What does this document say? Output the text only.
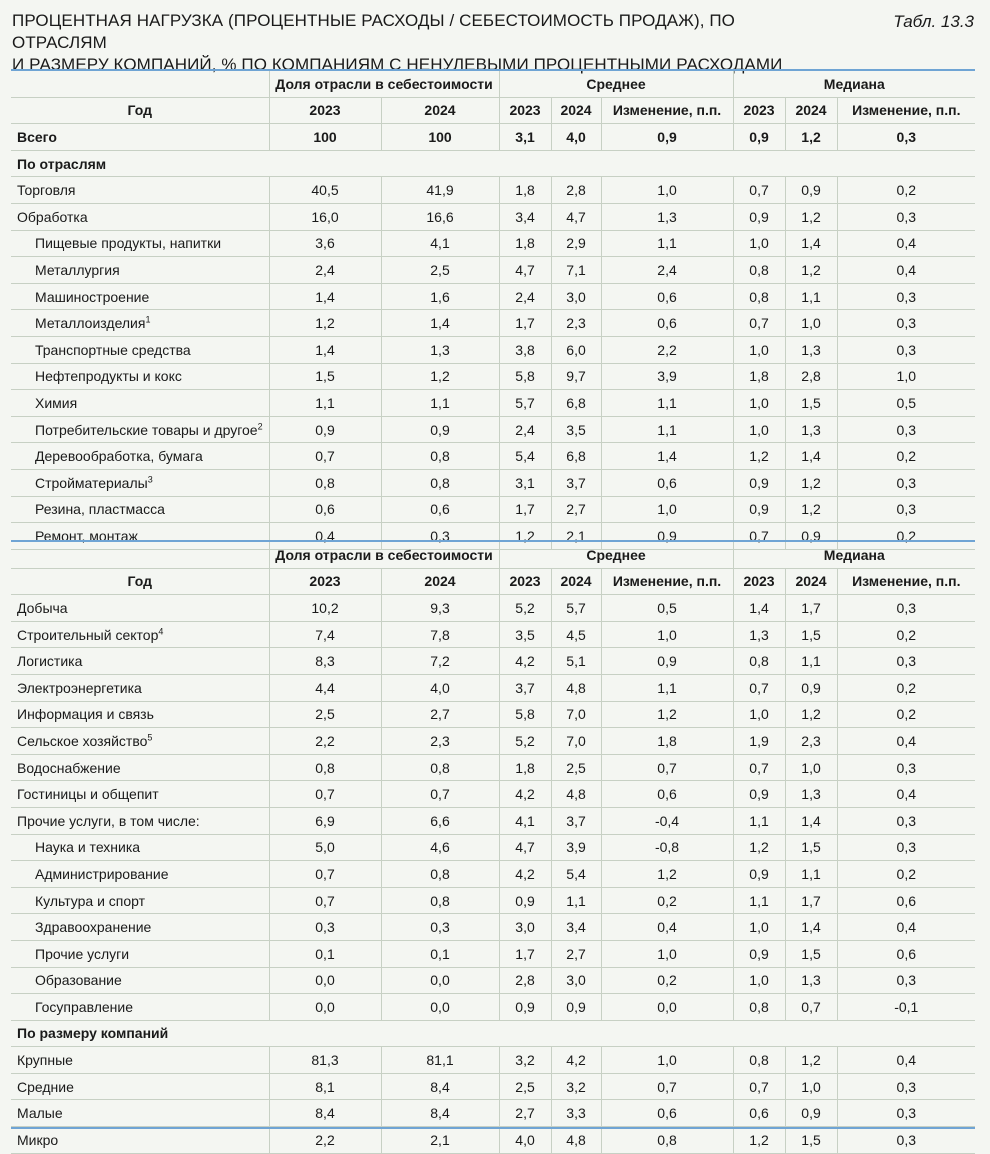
ПРОЦЕНТНАЯ НАГРУЗКА (ПРОЦЕНТНЫЕ РАСХОДЫ / СЕБЕСТОИМОСТЬ ПРОДАЖ), ПО ОТРАСЛЯМ
И РАЗМЕРУ КОМПАНИЙ, % ПО КОМПАНИЯМ С НЕНУЛЕВЫМИ ПРОЦЕНТНЫМИ РАСХОДАМИ
Табл. 13.3
	Доля отрасли в себестоимости		Среднее			Медиана		
Год	2023	2024	2023	2024	Изменение, п.п.	2023	2024	Изменение, п.п.
Всего	100	100	3,1	4,0	0,9	0,9	1,2	0,3
По отраслям								
Торговля	40,5	41,9	1,8	2,8	1,0	0,7	0,9	0,2
Обработка	16,0	16,6	3,4	4,7	1,3	0,9	1,2	0,3
Пищевые продукты, напитки	3,6	4,1	1,8	2,9	1,1	1,0	1,4	0,4
Металлургия	2,4	2,5	4,7	7,1	2,4	0,8	1,2	0,4
Машиностроение	1,4	1,6	2,4	3,0	0,6	0,8	1,1	0,3
Металлоизделия$^1$	1,2	1,4	1,7	2,3	0,6	0,7	1,0	0,3
Транспортные средства	1,4	1,3	3,8	6,0	2,2	1,0	1,3	0,3
Нефтепродукты и кокс	1,5	1,2	5,8	9,7	3,9	1,8	2,8	1,0
Химия	1,1	1,1	5,7	6,8	1,1	1,0	1,5	0,5
Потребительские товары и другое$^2$	0,9	0,9	2,4	3,5	1,1	1,0	1,3	0,3
Деревообработка, бумага	0,7	0,8	5,4	6,8	1,4	1,2	1,4	0,2
Стройматериалы$^3$	0,8	0,8	3,1	3,7	0,6	0,9	1,2	0,3
Резина, пластмасса	0,6	0,6	1,7	2,7	1,0	0,9	1,2	0,3
Ремонт, монтаж	0,4	0,3	1,2	2,1	0,9	0,7	0,9	0,2
	Доля отрасли в себестоимости		Среднее			Медиана		
Год	2023	2024	2023	2024	Изменение, п.п.	2023	2024	Изменение, п.п.
Добыча	10,2	9,3	5,2	5,7	0,5	1,4	1,7	0,3
Строительный сектор$^4$	7,4	7,8	3,5	4,5	1,0	1,3	1,5	0,2
Логистика	8,3	7,2	4,2	5,1	0,9	0,8	1,1	0,3
Электроэнергетика	4,4	4,0	3,7	4,8	1,1	0,7	0,9	0,2
Информация и связь	2,5	2,7	5,8	7,0	1,2	1,0	1,2	0,2
Сельское хозяйство$^5$	2,2	2,3	5,2	7,0	1,8	1,9	2,3	0,4
Водоснабжение	0,8	0,8	1,8	2,5	0,7	0,7	1,0	0,3
Гостиницы и общепит	0,7	0,7	4,2	4,8	0,6	0,9	1,3	0,4
Прочие услуги, в том числе:	6,9	6,6	4,1	3,7	-0,4	1,1	1,4	0,3
Наука и техника	5,0	4,6	4,7	3,9	-0,8	1,2	1,5	0,3
Администрирование	0,7	0,8	4,2	5,4	1,2	0,9	1,1	0,2
Культура и спорт	0,7	0,8	0,9	1,1	0,2	1,1	1,7	0,6
Здравоохранение	0,3	0,3	3,0	3,4	0,4	1,0	1,4	0,4
Прочие услуги	0,1	0,1	1,7	2,7	1,0	0,9	1,5	0,6
Образование	0,0	0,0	2,8	3,0	0,2	1,0	1,3	0,3
Госуправление	0,0	0,0	0,9	0,9	0,0	0,8	0,7	-0,1
По размеру компаний								
Крупные	81,3	81,1	3,2	4,2	1,0	0,8	1,2	0,4
Средние	8,1	8,4	2,5	3,2	0,7	0,7	1,0	0,3
Малые	8,4	8,4	2,7	3,3	0,6	0,6	0,9	0,3
Микро	2,2	2,1	4,0	4,8	0,8	1,2	1,5	0,3
